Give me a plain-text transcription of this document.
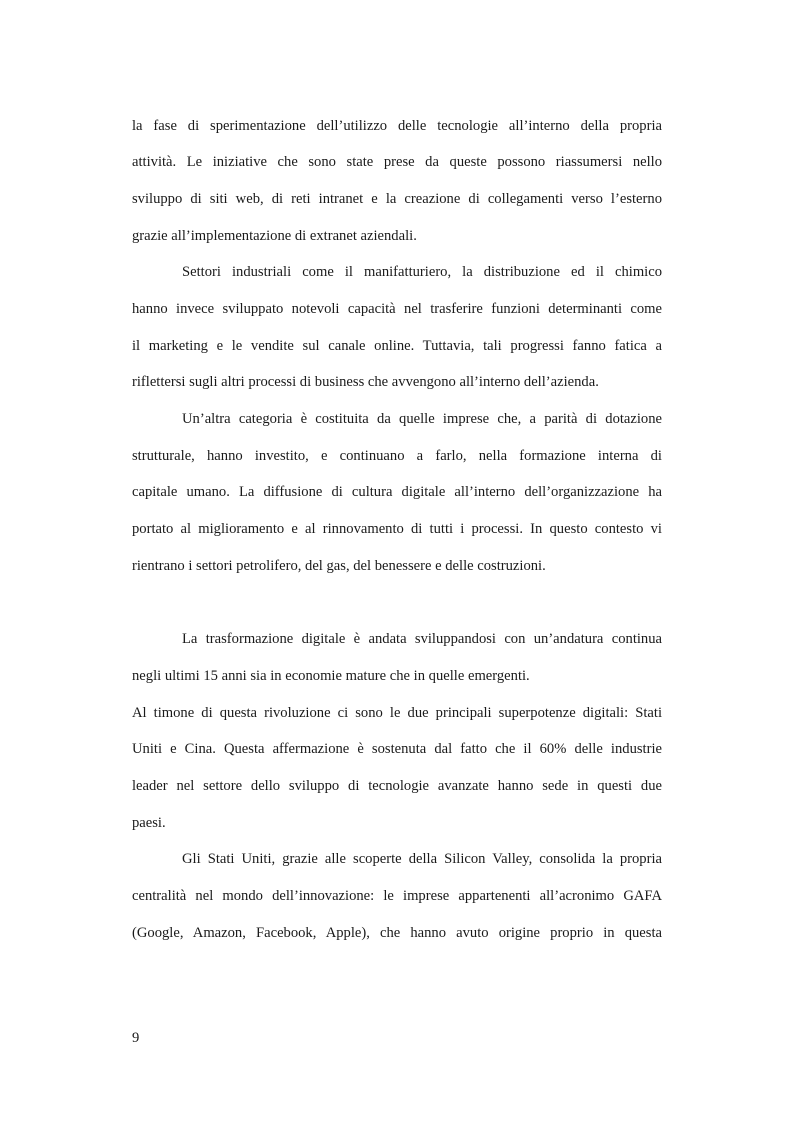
la fase di sperimentazione dell’utilizzo delle tecnologie all’interno della propria

attività. Le iniziative che sono state prese da queste possono riassumersi nello

sviluppo di siti web, di reti intranet e la creazione di collegamenti verso l’esterno

grazie all’implementazione di extranet aziendali.

Settori industriali come il manifatturiero, la distribuzione ed il chimico

hanno invece sviluppato notevoli capacità nel trasferire funzioni determinanti come

il marketing e le vendite sul canale online. Tuttavia, tali progressi fanno fatica a

riflettersi sugli altri processi di business che avvengono all’interno dell’azienda.

Un’altra categoria è costituita da quelle imprese che, a parità di dotazione

strutturale, hanno investito, e continuano a farlo, nella formazione interna di

capitale umano. La diffusione di cultura digitale all’interno dell’organizzazione ha

portato al miglioramento e al rinnovamento di tutti i processi. In questo contesto vi

rientrano i settori petrolifero, del gas, del benessere e delle costruzioni.

La trasformazione digitale è andata sviluppandosi con un’andatura continua

negli ultimi 15 anni sia in economie mature che in quelle emergenti.

Al timone di questa rivoluzione ci sono le due principali superpotenze digitali: Stati

Uniti e Cina. Questa affermazione è sostenuta dal fatto che il 60% delle industrie

leader nel settore dello sviluppo di tecnologie avanzate hanno sede in questi due

paesi.

Gli Stati Uniti, grazie alle scoperte della Silicon Valley, consolida la propria

centralità nel mondo dell’innovazione: le imprese appartenenti all’acronimo GAFA

(Google, Amazon, Facebook, Apple), che hanno avuto origine proprio in questa

9
